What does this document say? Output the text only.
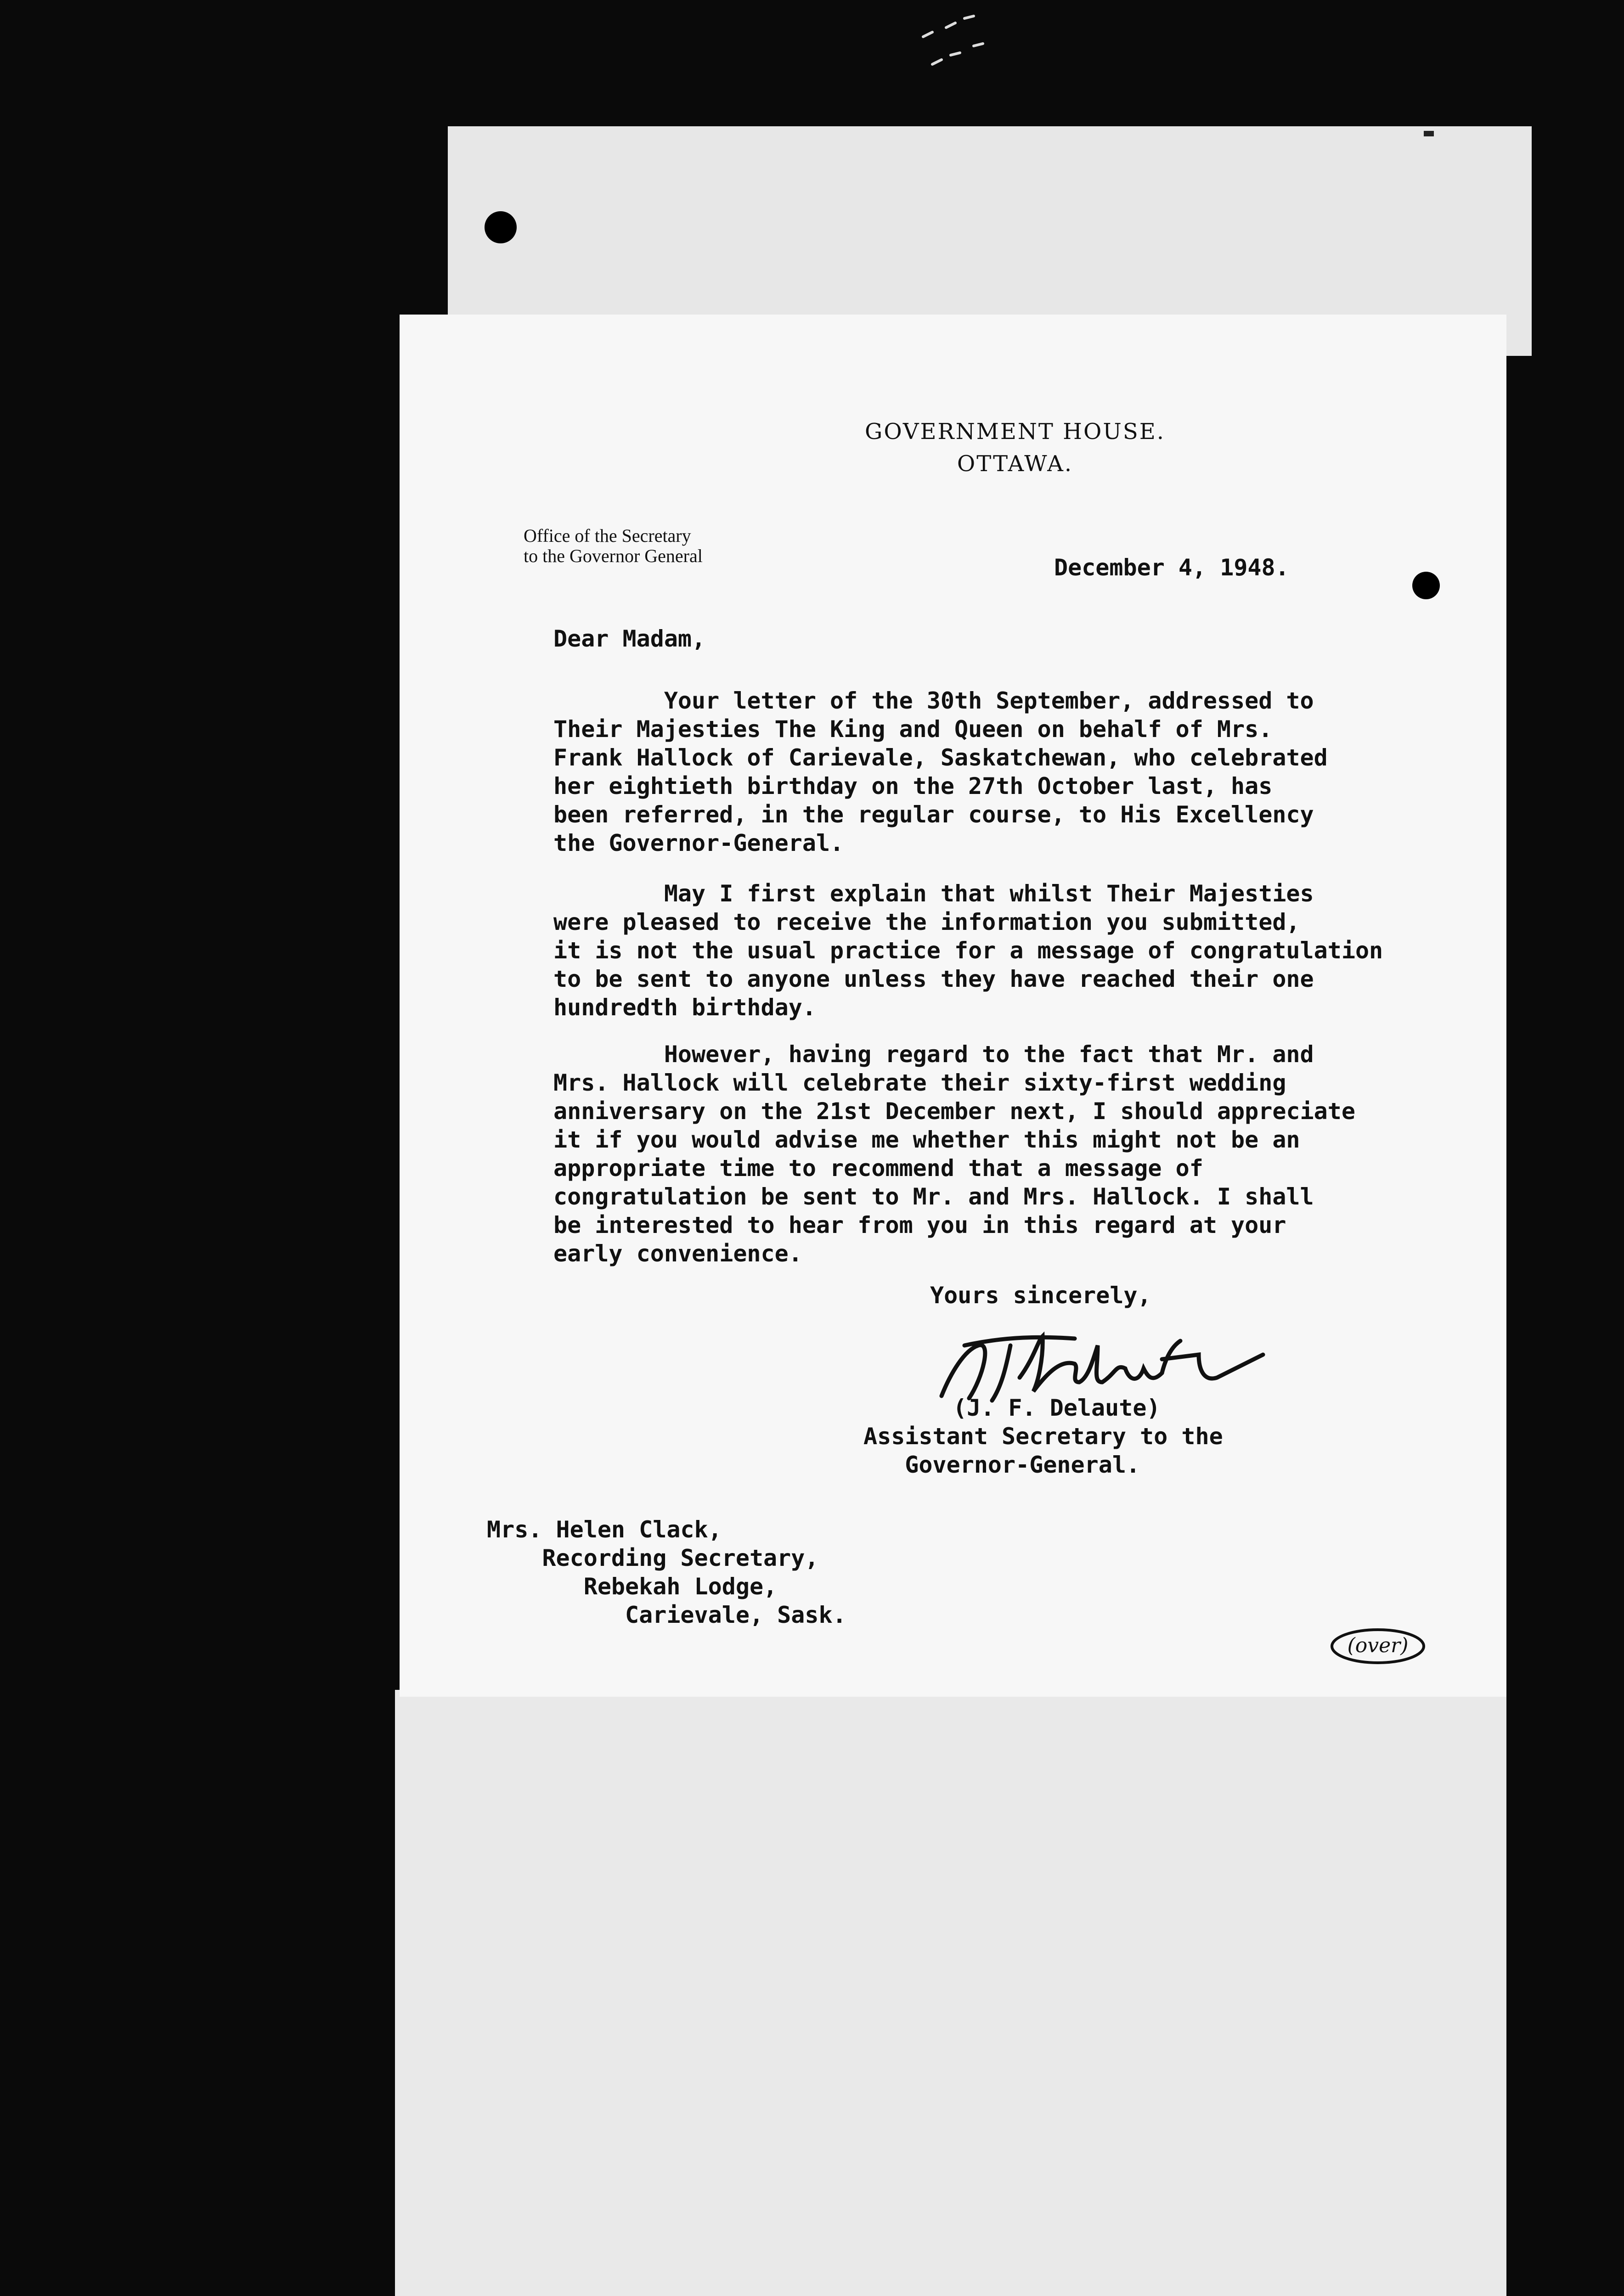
GOVERNMENT HOUSE.
OTTAWA.
Office of the Secretary
to the Governor General	December 4, 1948.
Dear Madam,
Your letter of the 30th September, addressed to
Their Majesties The King and Queen on behalf of Mrs.
Frank Hallock of Carievale, Saskatchewan, who celebrated
her eightieth birthday on the 27th October last, has
been referred, in the regular course, to His Excellency
the Governor-General.
May I first explain that whilst Their Majesties
were pleased to receive the information you submitted,
it is not the usual practice for a message of congratulation
to be sent to anyone unless they have reached their one
hundredth birthday.
However, having regard to the fact that Mr. and
Mrs. Hallock will celebrate their sixty-first wedding
anniversary on the 21st December next, I should appreciate
it if you would advise me whether this might not be an
appropriate time to recommend that a message of
congratulation be sent to Mr. and Mrs. Hallock. I shall
be interested to hear from you in this regard at your
early convenience.
Yours sincerely,
(J. F. Delaute)
Assistant Secretary to the
Governor-General.
Mrs. Helen Clack,
Recording Secretary,
Rebekah Lodge,
Carievale, Sask.
(over)
